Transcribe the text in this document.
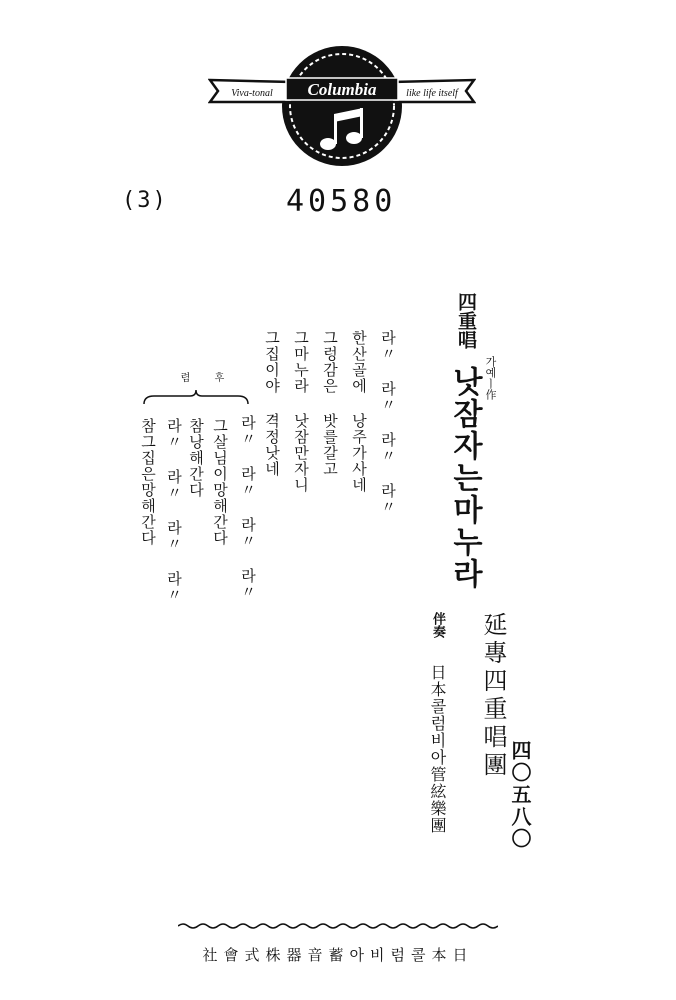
Columbia
Viva-tonal	like life itself
(3)	40580
四重唱
가예ㅣ作
낫잠자는마누라
라〃 라〃 라〃 라〃
한산골에 낭주가사네
그렁감은 밧를갈고
그마누라 낫잠만자니
그집이야 격정낫네
라〃 라〃 라〃 라〃
후
렴
그살님이망해간다
참낭해간다
라〃 라〃 라〃 라〃
참그집은망해간다
延專四重唱團
伴奏
日本콜럼비아管絃樂團	四〇五八〇
日本콜럼비아蓄音器株式會社
